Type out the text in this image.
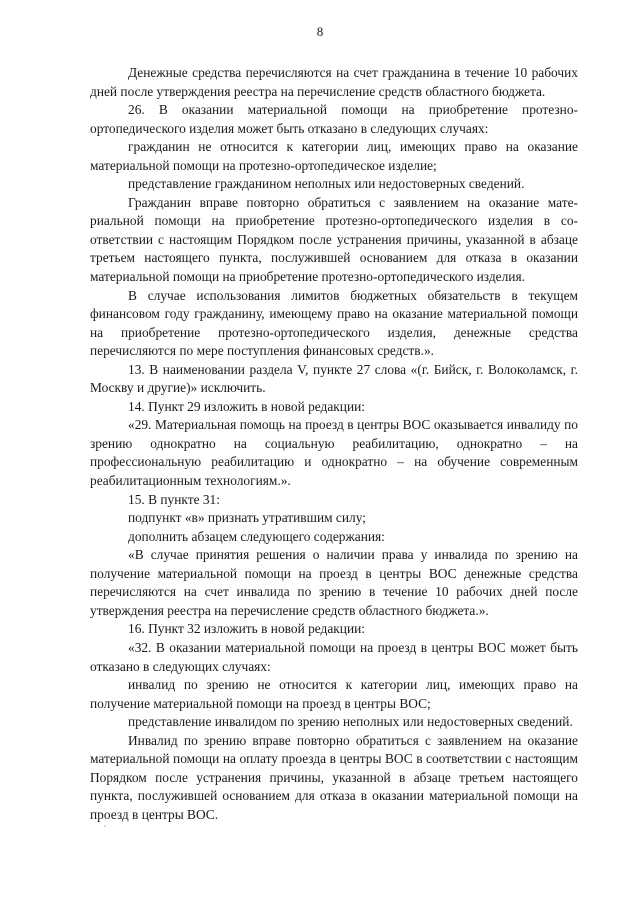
8

Денежные средства перечисляются на счет гражданина в течение 10 рабочих дней после утверждения реестра на перечисление средств областного бюджета.

26. В оказании материальной помощи на приобретение протезно-ортопедического изделия может быть отказано в следующих случаях:

гражданин не относится к категории лиц, имеющих право на оказание материальной помощи на протезно-ортопедическое изделие;

представление гражданином неполных или недостоверных сведений.

Гражданин вправе повторно обратиться с заявлением на оказание материальной помощи на приобретение протезно-ортопедического изделия в соответствии с настоящим Порядком после устранения причины, указанной в абзаце третьем настоящего пункта, послужившей основанием для отказа в оказании материальной помощи на приобретение протезно-ортопедического изделия.

В случае использования лимитов бюджетных обязательств в текущем финансовом году гражданину, имеющему право на оказание материальной помощи на приобретение протезно-ортопедического изделия, денежные средства перечисляются по мере поступления финансовых средств.».

13. В наименовании раздела V, пункте 27 слова «(г. Бийск, г. Волоколамск, г. Москву и другие)» исключить.

14. Пункт 29 изложить в новой редакции:

«29. Материальная помощь на проезд в центры ВОС оказывается инвалиду по зрению однократно на социальную реабилитацию, однократно – на профессиональную реабилитацию и однократно – на обучение современным реабилитационным технологиям.».

15. В пункте 31:

подпункт «в» признать утратившим силу;

дополнить абзацем следующего содержания:

«В случае принятия решения о наличии права у инвалида по зрению на получение материальной помощи на проезд в центры ВОС денежные средства перечисляются на счет инвалида по зрению в течение 10 рабочих дней после утверждения реестра на перечисление средств областного бюджета.».

16. Пункт 32 изложить в новой редакции:

«32. В оказании материальной помощи на проезд в центры ВОС может быть отказано в следующих случаях:

инвалид по зрению не относится к категории лиц, имеющих право на получение материальной помощи на проезд в центры ВОС;

представление инвалидом по зрению неполных или недостоверных сведений.

Инвалид по зрению вправе повторно обратиться с заявлением на оказание материальной помощи на оплату проезда в центры ВОС в соответствии с настоящим Порядком после устранения причины, указанной в абзаце третьем настоящего пункта, послужившей основанием для отказа в оказании материальной помощи на проезд в центры ВОС.
